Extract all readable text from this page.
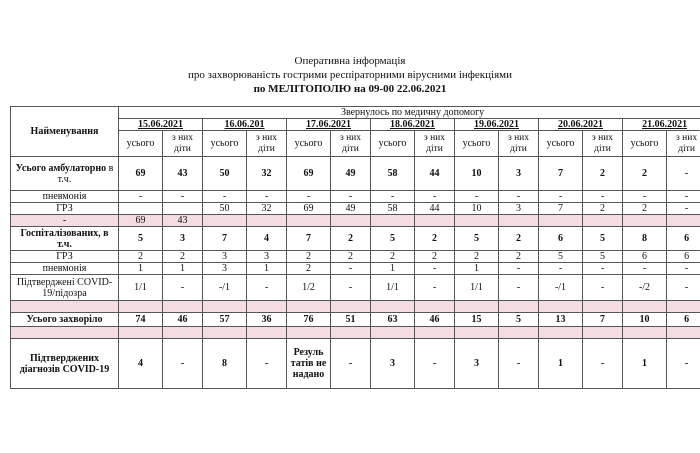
Оперативна інформація
про захворюваність гострими респіраторними вірусними інфекціями
по МЕЛІТОПОЛЮ на 09-00 22.06.2021
Найменування	Звернулось по медичну допомогу													
	15.06.2021		16.06.201		17.06.2021		18.06.2021		19.06.2021		20.06.2021		21.06.2021	
	усього	з них діти	усього	з них діти	усього	з них діти	усього	з них діти	усього	з них діти	усього	з них діти	усього	з них діти
Усього амбулаторно в т.ч.	69	43	50	32	69	49	58	44	10	3	7	2	2	-
пневмонія	-	-	-	-	-	-	-	-	-	-	-	-	-	-
ГРЗ			50	32	69	49	58	44	10	3	7	2	2	-
-	69	43												
Госпіталізованих, в т.ч.	5	3	7	4	7	2	5	2	5	2	6	5	8	6
ГРЗ	2	2	3	3	2	2	2	2	2	2	5	5	6	6
пневмонія	1	1	3	1	2	-	1	-	1	-	-	-	-	-
Підтверджені COVID-19/підозра	1/1	-	-/1	-	1/2	-	1/1	-	1/1	-	-/1	-	-/2	-

Усього захворіло	74	46	57	36	76	51	63	46	15	5	13	7	10	6

Підтверджених діагнозів COVID-19	4	-	8	-	Резуль татів не надано	-	3	-	3	-	1	-	1	-
